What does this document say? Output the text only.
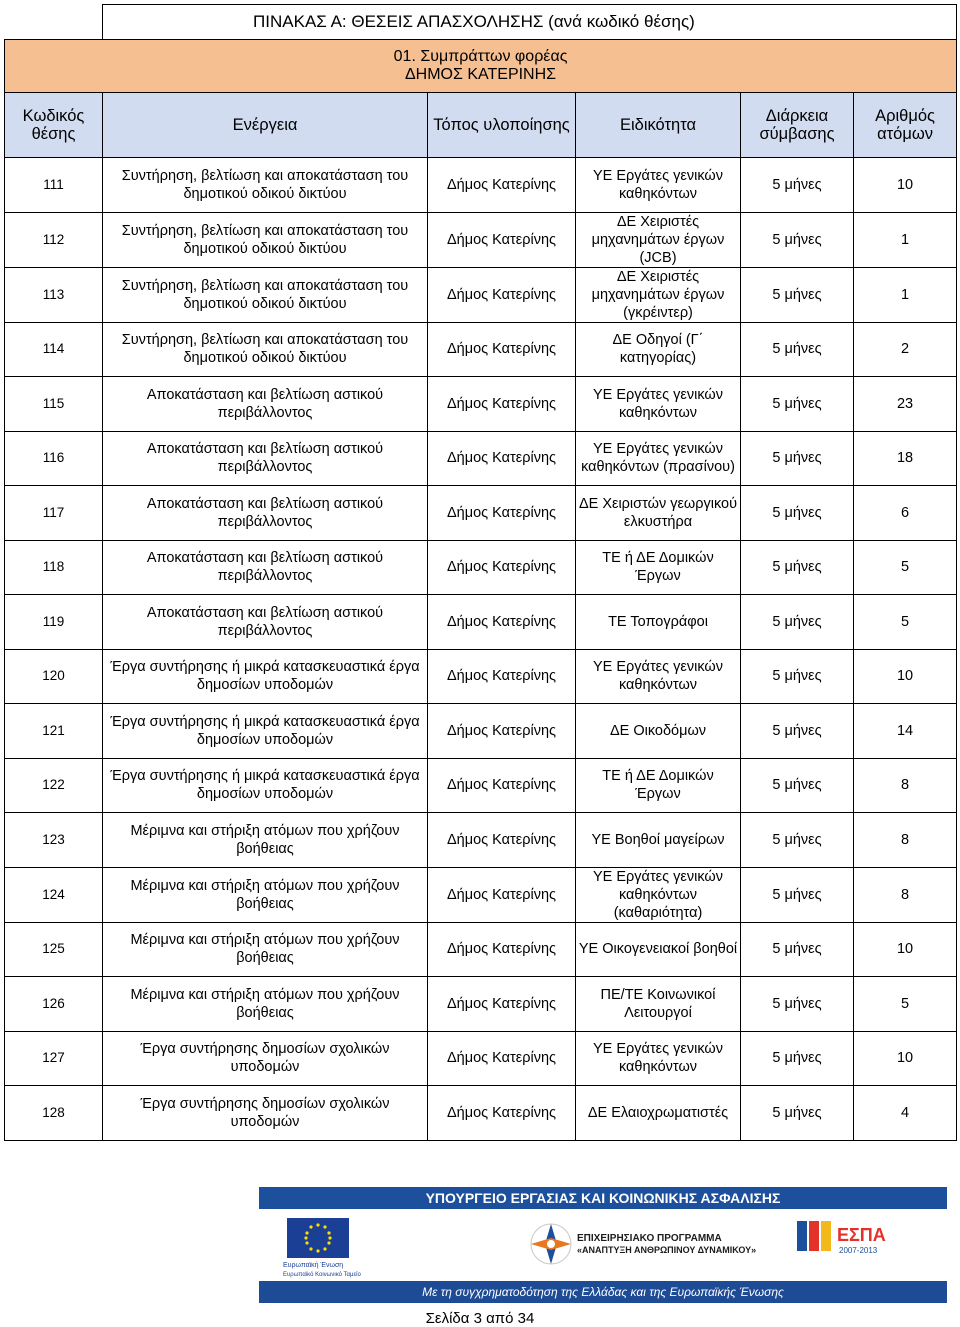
	ΠΙΝΑΚΑΣ Α: ΘΕΣΕΙΣ ΑΠΑΣΧΟΛΗΣΗΣ (ανά κωδικό θέσης)				

01. Συμπράττων φορέας
ΔΗΜΟΣ ΚΑΤΕΡΙΝΗΣ					

Κωδικός θέσης	Ενέργεια	Τόπος υλοποίησης	Ειδικότητα	Διάρκεια σύμβασης	Αριθμός ατόμων
111	Συντήρηση, βελτίωση και αποκατάσταση του δημοτικού οδικού δικτύου	Δήμος Κατερίνης	ΥΕ Εργάτες γενικών καθηκόντων	5 μήνες	10
112	Συντήρηση, βελτίωση και αποκατάσταση του δημοτικού οδικού δικτύου	Δήμος Κατερίνης	ΔΕ Χειριστές μηχανημάτων έργων (JCB)	5 μήνες	1
113	Συντήρηση, βελτίωση και αποκατάσταση του δημοτικού οδικού δικτύου	Δήμος Κατερίνης	ΔΕ Χειριστές μηχανημάτων έργων (γκρέιντερ)	5 μήνες	1
114	Συντήρηση, βελτίωση και αποκατάσταση του δημοτικού οδικού δικτύου	Δήμος Κατερίνης	ΔΕ Οδηγοί (Γ΄ κατηγορίας)	5 μήνες	2
115	Αποκατάσταση και βελτίωση αστικού περιβάλλοντος	Δήμος Κατερίνης	ΥΕ Εργάτες γενικών καθηκόντων	5 μήνες	23
116	Αποκατάσταση και βελτίωση αστικού περιβάλλοντος	Δήμος Κατερίνης	ΥΕ Εργάτες γενικών καθηκόντων (πρασίνου)	5 μήνες	18
117	Αποκατάσταση και βελτίωση αστικού περιβάλλοντος	Δήμος Κατερίνης	ΔΕ Χειριστών γεωργικού ελκυστήρα	5 μήνες	6
118	Αποκατάσταση και βελτίωση αστικού περιβάλλοντος	Δήμος Κατερίνης	ΤΕ ή ΔΕ Δομικών Έργων	5 μήνες	5
119	Αποκατάσταση και βελτίωση αστικού περιβάλλοντος	Δήμος Κατερίνης	ΤΕ Τοπογράφοι	5 μήνες	5
120	Έργα συντήρησης ή μικρά κατασκευαστικά έργα δημοσίων υποδομών	Δήμος Κατερίνης	ΥΕ Εργάτες γενικών καθηκόντων	5 μήνες	10
121	Έργα συντήρησης ή μικρά κατασκευαστικά έργα δημοσίων υποδομών	Δήμος Κατερίνης	ΔΕ Οικοδόμων	5 μήνες	14
122	Έργα συντήρησης ή μικρά κατασκευαστικά έργα δημοσίων υποδομών	Δήμος Κατερίνης	ΤΕ ή ΔΕ Δομικών Έργων	5 μήνες	8
123	Μέριμνα και στήριξη ατόμων που χρήζουν βοήθειας	Δήμος Κατερίνης	ΥΕ Βοηθοί μαγείρων	5 μήνες	8
124	Μέριμνα και στήριξη ατόμων που χρήζουν βοήθειας	Δήμος Κατερίνης	ΥΕ Εργάτες γενικών καθηκόντων (καθαριότητα)	5 μήνες	8
125	Μέριμνα και στήριξη ατόμων που χρήζουν βοήθειας	Δήμος Κατερίνης	ΥΕ Οικογενειακοί βοηθοί	5 μήνες	10
126	Μέριμνα και στήριξη ατόμων που χρήζουν βοήθειας	Δήμος Κατερίνης	ΠΕ/ΤΕ Κοινωνικοί Λειτουργοί	5 μήνες	5
127	Έργα συντήρησης δημοσίων σχολικών υποδομών	Δήμος Κατερίνης	ΥΕ Εργάτες γενικών καθηκόντων	5 μήνες	10
128	Έργα συντήρησης δημοσίων σχολικών υποδομών	Δήμος Κατερίνης	ΔΕ Ελαιοχρωματιστές	5 μήνες	4
ΥΠΟΥΡΓΕΙΟ ΕΡΓΑΣΙΑΣ ΚΑΙ ΚΟΙΝΩΝΙΚΗΣ ΑΣΦΑΛΙΣΗΣ
Ευρωπαϊκή Ένωση
Ευρωπαϊκό Κοινωνικό Ταμείο
ΕΠΙΧΕΙΡΗΣΙΑΚΟ ΠΡΟΓΡΑΜΜΑ
«ΑΝΑΠΤΥΞΗ ΑΝΘΡΩΠΙΝΟΥ ΔΥΝΑΜΙΚΟΥ»
ΕΣΠΑ
2007-2013
Με τη συγχρηματοδότηση της Ελλάδας και της Ευρωπαϊκής Ένωσης
Σελίδα 3 από 34
